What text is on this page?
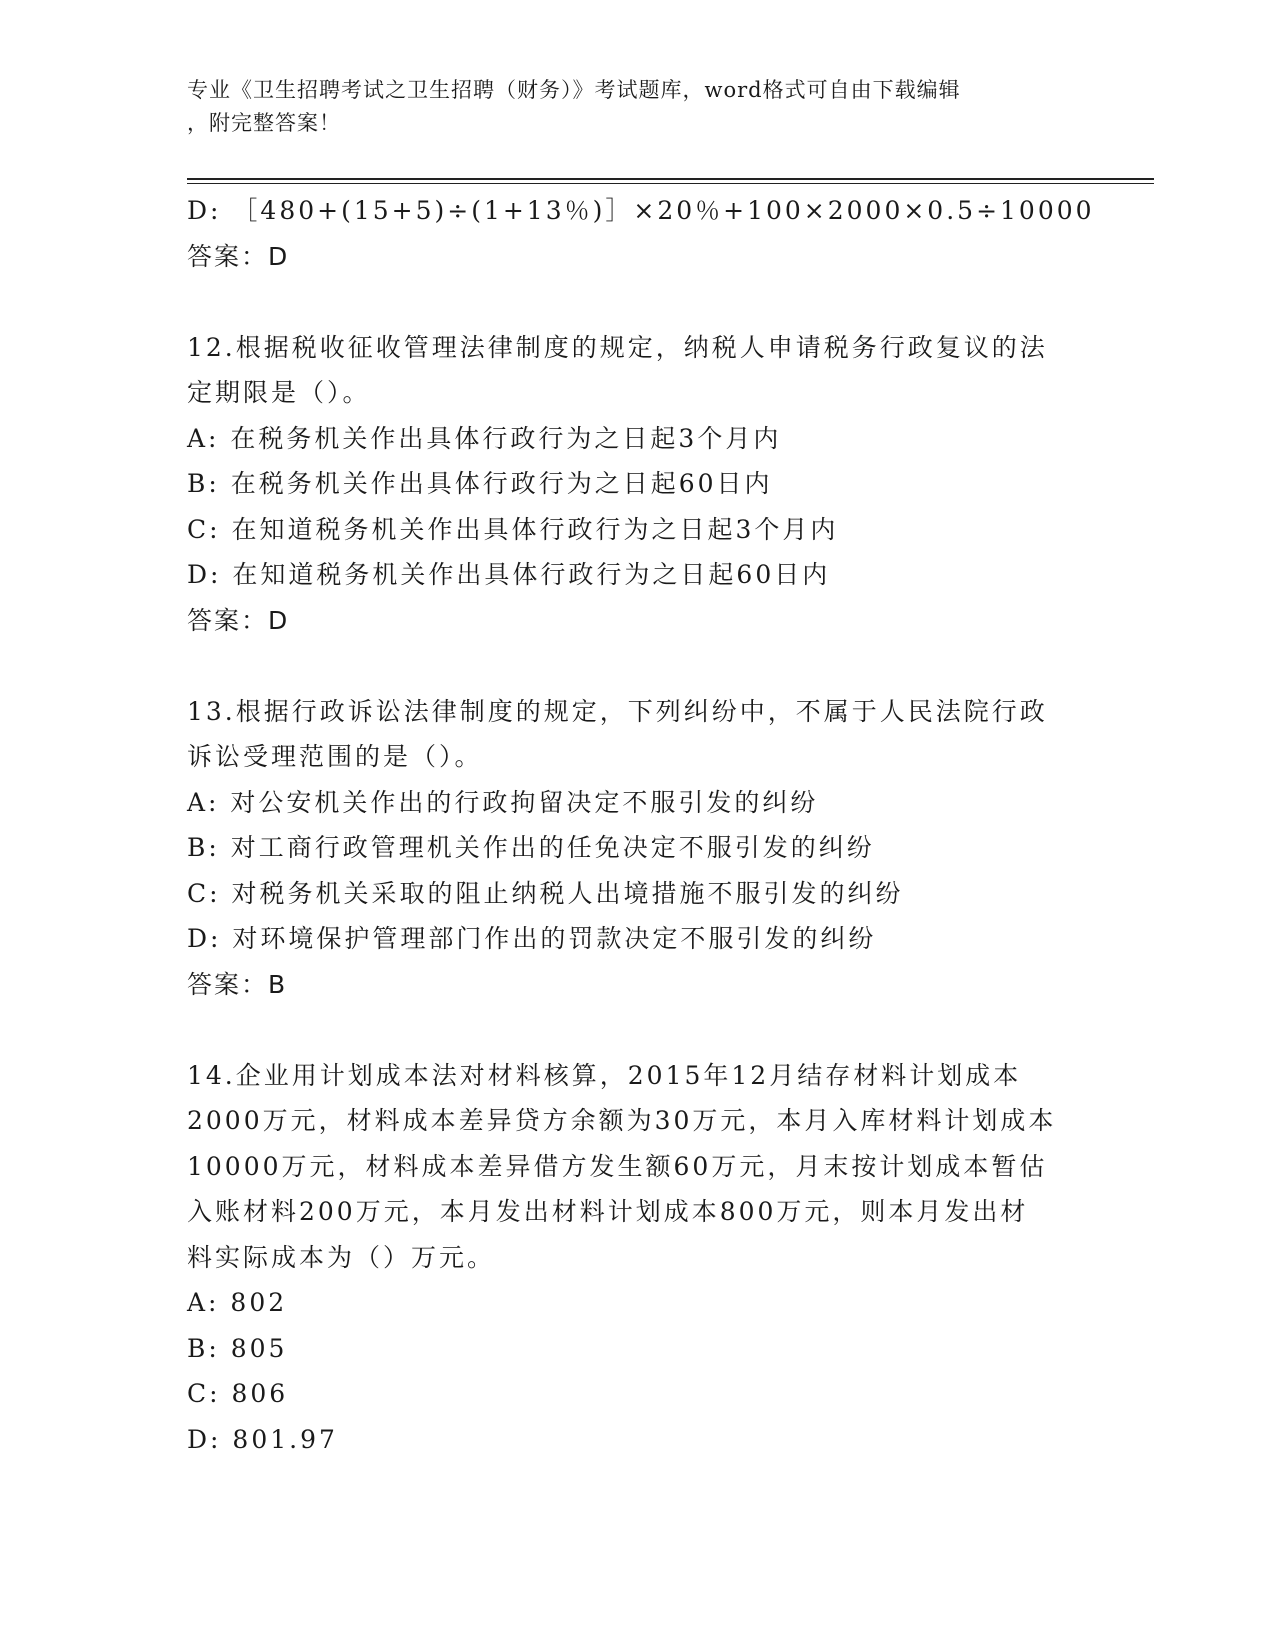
专业《卫生招聘考试之卫生招聘（财务）》考试题库，word格式可自由下载编辑
，附完整答案！
D: ［480+(15+5)÷(1+13％)］×20％+100×2000×0.5÷10000
答案：D
12.根据税收征收管理法律制度的规定，纳税人申请税务行政复议的法
定期限是（）。
A: 在税务机关作出具体行政行为之日起3个月内
B: 在税务机关作出具体行政行为之日起60日内
C: 在知道税务机关作出具体行政行为之日起3个月内
D: 在知道税务机关作出具体行政行为之日起60日内
答案：D
13.根据行政诉讼法律制度的规定，下列纠纷中，不属于人民法院行政
诉讼受理范围的是（）。
A: 对公安机关作出的行政拘留决定不服引发的纠纷
B: 对工商行政管理机关作出的任免决定不服引发的纠纷
C: 对税务机关采取的阻止纳税人出境措施不服引发的纠纷
D: 对环境保护管理部门作出的罚款决定不服引发的纠纷
答案：B
14.企业用计划成本法对材料核算，2015年12月结存材料计划成本
2000万元，材料成本差异贷方余额为30万元，本月入库材料计划成本
10000万元，材料成本差异借方发生额60万元，月末按计划成本暂估
入账材料200万元，本月发出材料计划成本800万元，则本月发出材
料实际成本为（）万元。
A: 802
B: 805
C: 806
D: 801.97
